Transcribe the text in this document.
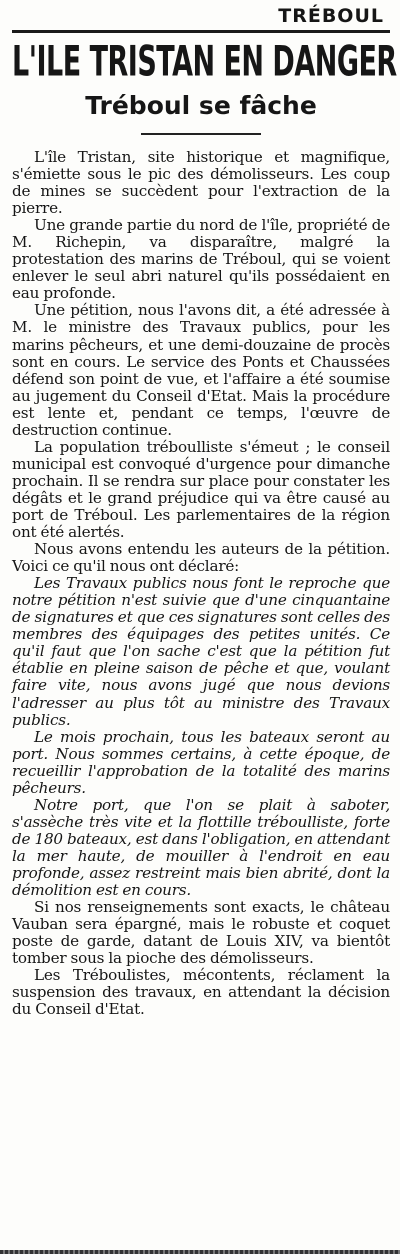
TRÉBOUL
L'ILE TRISTAN EN DANGER
Tréboul se fâche

L'île Tristan, site historique et magnifique, s'émiette sous le pic des démolisseurs. Les coup de mines se succèdent pour l'extraction de la pierre.

Une grande partie du nord de l'île, propriété de M. Richepin, va disparaître, malgré la protestation des marins de Tréboul, qui se voient enlever le seul abri naturel qu'ils possédaient en eau profonde.

Une pétition, nous l'avons dit, a été adressée à M. le ministre des Travaux publics, pour les marins pêcheurs, et une demi-douzaine de procès sont en cours. Le service des Ponts et Chaussées défend son point de vue, et l'affaire a été soumise au jugement du Conseil d'Etat. Mais la procédure est lente et, pendant ce temps, l'œuvre de destruction continue.

La population tréboulliste s'émeut ; le conseil municipal est convoqué d'urgence pour dimanche prochain. Il se rendra sur place pour constater les dégâts et le grand préjudice qui va être causé au port de Tréboul. Les parlementaires de la région ont été alertés.

Nous avons entendu les auteurs de la pétition. Voici ce qu'il nous ont déclaré:

Les Travaux publics nous font le reproche que notre pétition n'est suivie que d'une cinquantaine de signatures et que ces signatures sont celles des membres des équipages des petites unités. Ce qu'il faut que l'on sache c'est que la pétition fut établie en pleine saison de pêche et que, voulant faire vite, nous avons jugé que nous devions l'adresser au plus tôt au ministre des Travaux publics.

Le mois prochain, tous les bateaux seront au port. Nous sommes certains, à cette époque, de recueillir l'approbation de la totalité des marins pêcheurs.

Notre port, que l'on se plait à saboter, s'assèche très vite et la flottille tréboulliste, forte de 180 bateaux, est dans l'obligation, en attendant la mer haute, de mouiller à l'endroit en eau profonde, assez restreint mais bien abrité, dont la démolition est en cours.

Si nos renseignements sont exacts, le château Vauban sera épargné, mais le robuste et coquet poste de garde, datant de Louis XIV, va bientôt tomber sous la pioche des démolisseurs.

Les Tréboulistes, mécontents, réclament la suspension des travaux, en attendant la décision du Conseil d'Etat.
